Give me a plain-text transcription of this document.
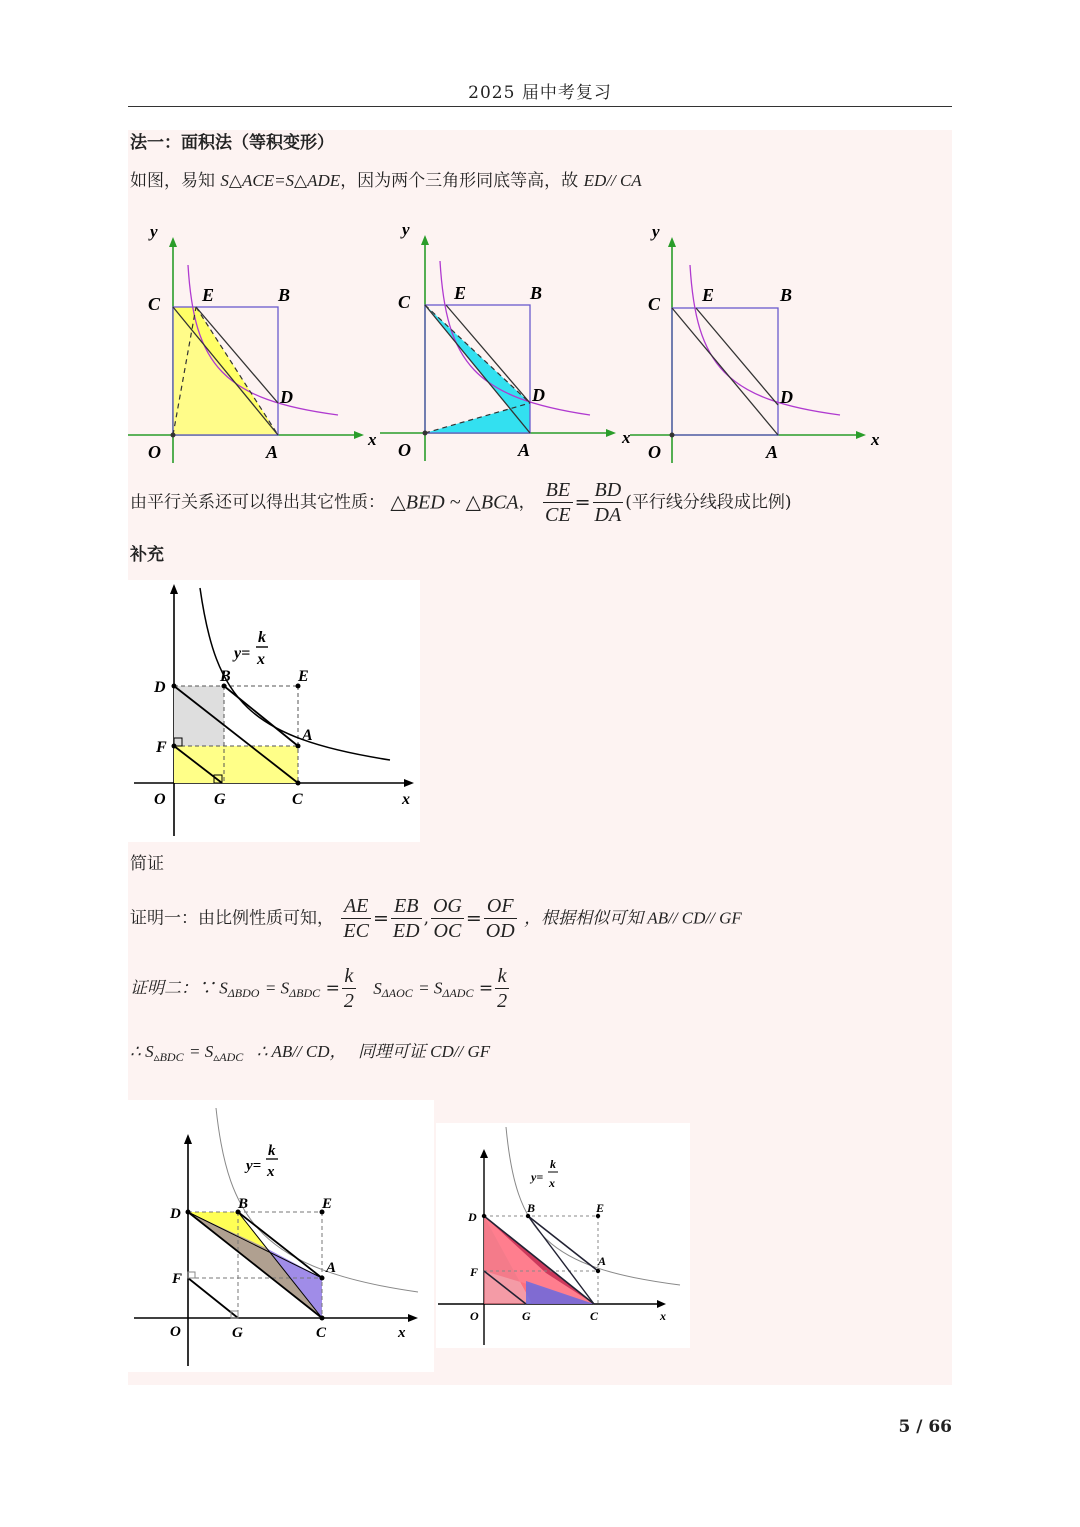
2025 届中考复习
法一：面积法（等积变形）
如图，易知 S△ACE=S△ADE，因为两个三角形同底等高，故 ED// CA
y
C E	B
D
O	A
x
y
C E	B
D
O	A
x
y
C E	B
D
O	A
x
由平行关系还可以得出其它性质： △BED ~ △BCA， $\frac{BE}{CE} = \frac{BD}{DA}$ (平行线分线段成比例)
补充
y=
k
x
D
B	E
F
A
O	G	C	x
简证
证明一：由比例性质可知， $\frac{AE}{EC} = \frac{EB}{ED}$ , $\frac{OG}{OC} = \frac{OF}{OD}$ ，根据相似可知 AB// CD// GF
证明二：∵ $S_{\Delta BDO} = S_{\Delta BDC} = \frac{k}{2} S_{\Delta AOC} = S_{\Delta ADC} = \frac{k}{2}$
∴ $S_{▵BDC} = S_{▵ADC}$ ∴ AB// CD， 同理可证 CD// GF
y=
k
x
D
B	E
F
A
O	G	C	x
y=
k
x
D
B	E
F
A
O	G	C	x
5 / 66
